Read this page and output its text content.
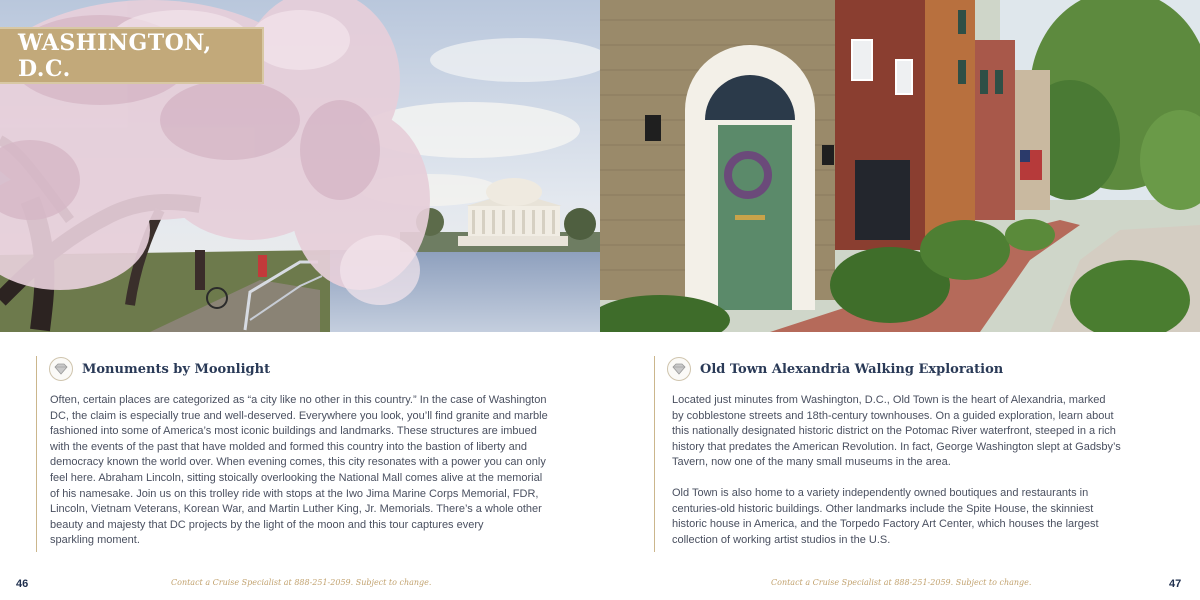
WASHINGTON, D.C.
Monuments by Moonlight
Often, certain places are categorized as “a city like no other in this country.” In the case of Washington
DC, the claim is especially true and well-deserved. Everywhere you look, you’ll find granite and marble
fashioned into some of America’s most iconic buildings and landmarks. These structures are imbued
with the events of the past that have molded and formed this country into the bastion of liberty and
democracy known the world over. When evening comes, this city resonates with a power you can only
feel here. Abraham Lincoln, sitting stoically overlooking the National Mall comes alive at the memorial
of his namesake. Join us on this trolley ride with stops at the Iwo Jima Marine Corps Memorial, FDR,
Lincoln, Vietnam Veterans, Korean War, and Martin Luther King, Jr. Memorials. There’s a whole other
beauty and majesty that DC projects by the light of the moon and this tour captures every
sparkling moment.
Old Town Alexandria Walking Exploration
Located just minutes from Washington, D.C., Old Town is the heart of Alexandria, marked
by cobblestone streets and 18th-century townhouses. On a guided exploration, learn about
this nationally designated historic district on the Potomac River waterfront, steeped in a rich
history that predates the American Revolution. In fact, George Washington slept at Gadsby’s
Tavern, now one of the many small museums in the area.
Old Town is also home to a variety independently owned boutiques and restaurants in
centuries-old historic buildings. Other landmarks include the Spite House, the skinniest
historic house in America, and the Torpedo Factory Art Center, which houses the largest
collection of working artist studios in the U.S.
46	Contact a Cruise Specialist at 888-251-2059. Subject to change.	Contact a Cruise Specialist at 888-251-2059. Subject to change.	47
